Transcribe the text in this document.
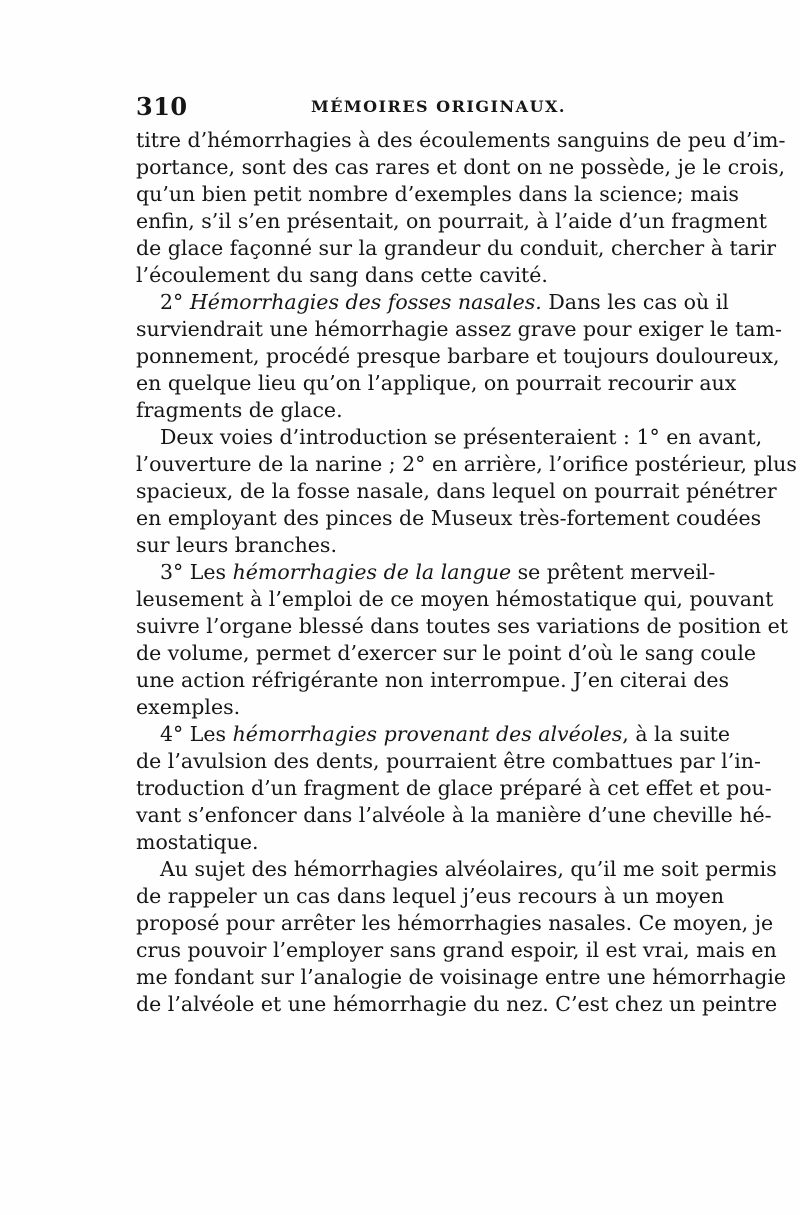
310	MÉMOIRES ORIGINAUX.
titre d’hémorrhagies à des écoulements sanguins de peu d’im-
portance, sont des cas rares et dont on ne possède, je le crois,
qu’un bien petit nombre d’exemples dans la science; mais
enfin, s’il s’en présentait, on pourrait, à l’aide d’un fragment
de glace façonné sur la grandeur du conduit, chercher à tarir
l’écoulement du sang dans cette cavité.
2° Hémorrhagies des fosses nasales. Dans les cas où il
surviendrait une hémorrhagie assez grave pour exiger le tam-
ponnement, procédé presque barbare et toujours douloureux,
en quelque lieu qu’on l’applique, on pourrait recourir aux
fragments de glace.
Deux voies d’introduction se présenteraient : 1° en avant,
l’ouverture de la narine ; 2° en arrière, l’orifice postérieur, plus
spacieux, de la fosse nasale, dans lequel on pourrait pénétrer
en employant des pinces de Museux très-fortement coudées
sur leurs branches.
3° Les hémorrhagies de la langue se prêtent merveil-
leusement à l’emploi de ce moyen hémostatique qui, pouvant
suivre l’organe blessé dans toutes ses variations de position et
de volume, permet d’exercer sur le point d’où le sang coule
une action réfrigérante non interrompue. J’en citerai des
exemples.
4° Les hémorrhagies provenant des alvéoles, à la suite
de l’avulsion des dents, pourraient être combattues par l’in-
troduction d’un fragment de glace préparé à cet effet et pou-
vant s’enfoncer dans l’alvéole à la manière d’une cheville hé-
mostatique.
Au sujet des hémorrhagies alvéolaires, qu’il me soit permis
de rappeler un cas dans lequel j’eus recours à un moyen
proposé pour arrêter les hémorrhagies nasales. Ce moyen, je
crus pouvoir l’employer sans grand espoir, il est vrai, mais en
me fondant sur l’analogie de voisinage entre une hémorrhagie
de l’alvéole et une hémorrhagie du nez. C’est chez un peintre
